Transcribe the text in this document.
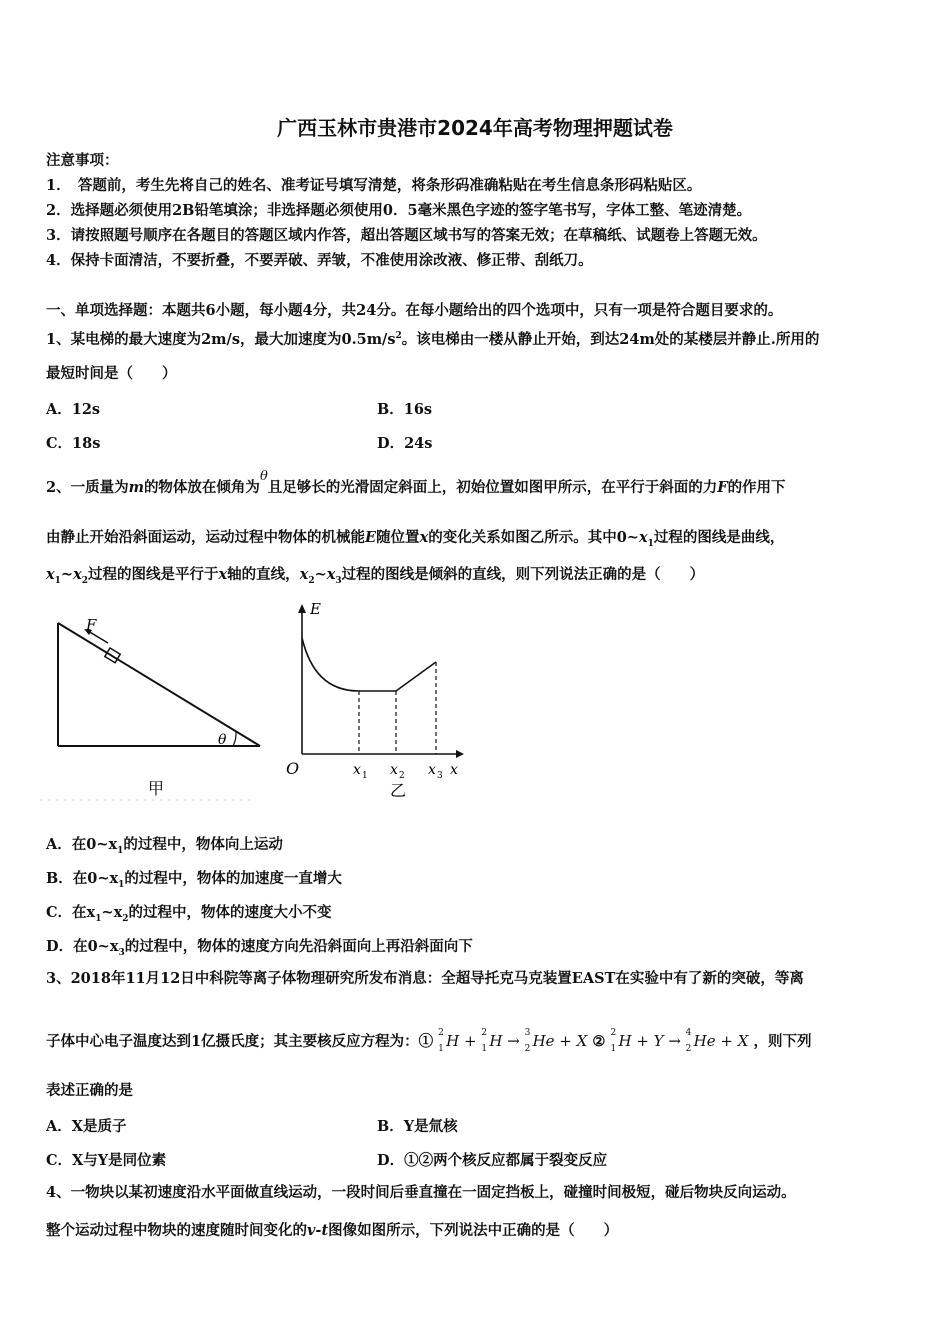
广西玉林市贵港市2024年高考物理押题试卷
注意事项：
1．　答题前，考生先将自己的姓名、准考证号填写清楚，将条形码准确粘贴在考生信息条形码粘贴区。
2．选择题必须使用2B铅笔填涂；非选择题必须使用0．5毫米黑色字迹的签字笔书写，字体工整、笔迹清楚。
3．请按照题号顺序在各题目的答题区域内作答，超出答题区域书写的答案无效；在草稿纸、试题卷上答题无效。
4．保持卡面清洁，不要折叠，不要弄破、弄皱，不准使用涂改液、修正带、刮纸刀。
一、单项选择题：本题共6小题，每小题4分，共24分。在每小题给出的四个选项中，只有一项是符合题目要求的。
1、某电梯的最大速度为2m/s，最大加速度为$0.5m/s^2$。该电梯由一楼从静止开始，到达24m处的某楼层并静止.所用的
最短时间是（　　）
A．12s	B．16s
C．18s	D．24s
2、一质量为m的物体放在倾角为θ且足够长的光滑固定斜面上，初始位置如图甲所示，在平行于斜面的力F的作用下
由静止开始沿斜面运动，运动过程中物体的机械能E随位置x的变化关系如图乙所示。其中$0\sim x_1$过程的图线是曲线，
$x_1\sim x_2$过程的图线是平行于x轴的直线，$x_2\sim x_3$过程的图线是倾斜的直线，则下列说法正确的是（　　）
F
θ
甲
E
O	x 1 x 2 x 3 x
乙
A．在$0\sim x_1$的过程中，物体向上运动
B．在$0\sim x_1$的过程中，物体的加速度一直增大
C．在$x_1\sim x_2$的过程中，物体的速度大小不变
D．在$0\sim x_3$的过程中，物体的速度方向先沿斜面向上再沿斜面向下
3、2018年11月12日中科院等离子体物理研究所发布消息：全超导托克马克装置EAST在实验中有了新的突破，等离
子体中心电子温度达到1亿摄氏度；其主要核反应方程为：① 2
1 H + 2
1 H → 3
2 He + X ② 2
1 H + Y → 4
2 He + X ，则下列
表述正确的是
A．X是质子	B．Y是氚核
C．X与Y是同位素	D．①②两个核反应都属于裂变反应
4、一物块以某初速度沿水平面做直线运动，一段时间后垂直撞在一固定挡板上，碰撞时间极短，碰后物块反向运动。
整个运动过程中物块的速度随时间变化的v-t图像如图所示，下列说法中正确的是（　　）
